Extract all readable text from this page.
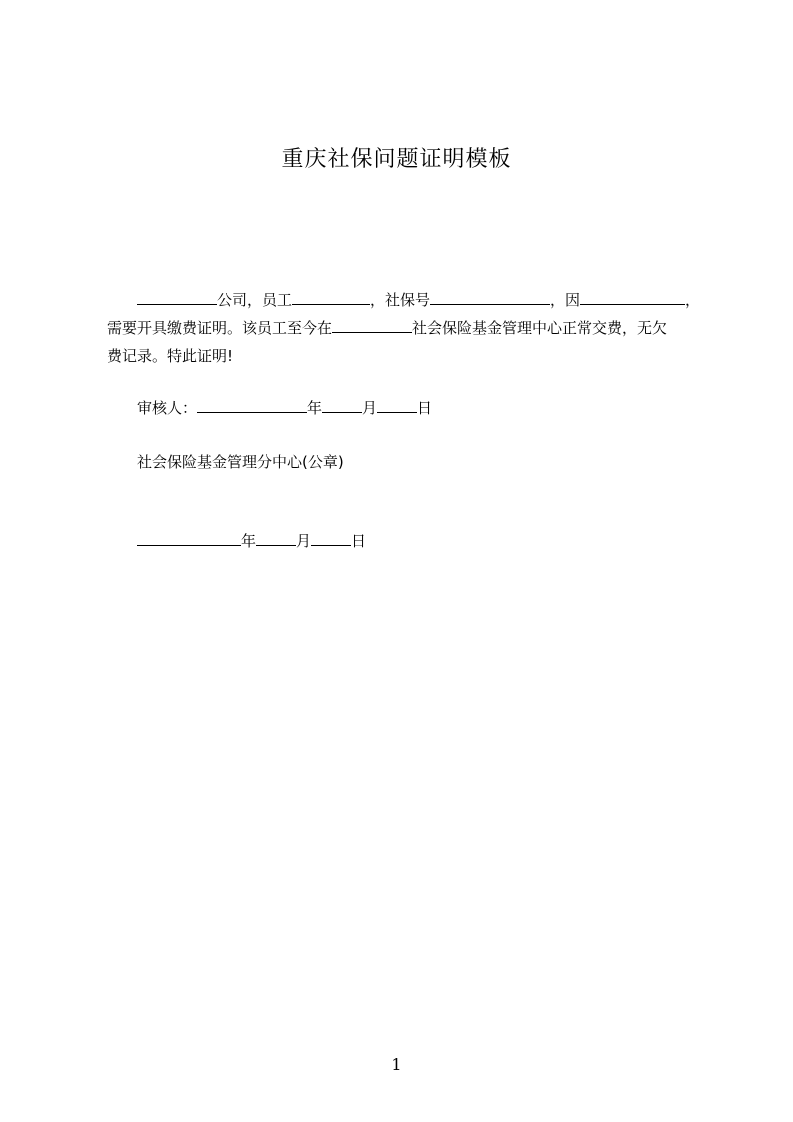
重庆社保问题证明模板
公司，员工	，社保号	，因	，
需要开具缴费证明。该员工至今在	社会保险基金管理中心正常交费，无欠
费记录。特此证明!
审核人：	年	月	日
社会保险基金管理分中心(公章)
年	月	日
1
